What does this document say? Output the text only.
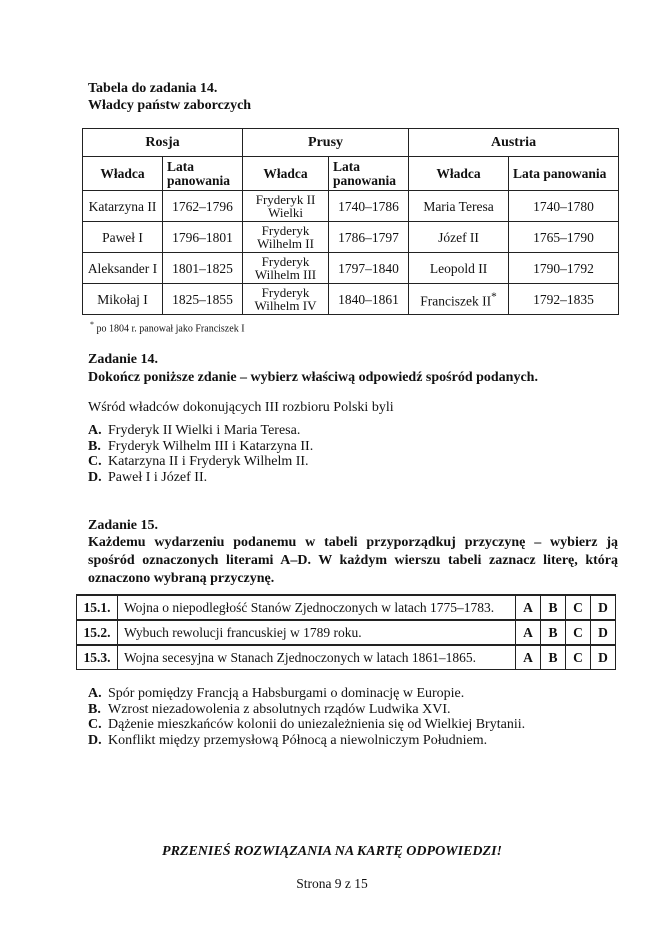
Tabela do zadania 14.
Władcy państw zaborczych
Rosja		Prusy		Austria	
Władca	Lata panowania	Władca	Lata panowania	Władca	Lata panowania
Katarzyna II	1762–1796	Fryderyk II Wielki	1740–1786	Maria Teresa	1740–1780
Paweł I	1796–1801	Fryderyk Wilhelm II	1786–1797	Józef II	1765–1790
Aleksander I	1801–1825	Fryderyk Wilhelm III	1797–1840	Leopold II	1790–1792
Mikołaj I	1825–1855	Fryderyk Wilhelm IV	1840–1861	Franciszek II*	1792–1835
* po 1804 r. panował jako Franciszek I
Zadanie 14.
Dokończ poniższe zdanie – wybierz właściwą odpowiedź spośród podanych.
Wśród władców dokonujących III rozbioru Polski byli
A. Fryderyk II Wielki i Maria Teresa.
B. Fryderyk Wilhelm III i Katarzyna II.
C. Katarzyna II i Fryderyk Wilhelm II.
D. Paweł I i Józef II.
Zadanie 15.
Każdemu wydarzeniu podanemu w tabeli przyporządkuj przyczynę – wybierz ją spośród oznaczonych literami A–D. W każdym wierszu tabeli zaznacz literę, którą oznaczono wybraną przyczynę.
15.1.	Wojna o niepodległość Stanów Zjednoczonych w latach 1775–1783.	A	B	C	D
15.2.	Wybuch rewolucji francuskiej w 1789 roku.	A	B	C	D
15.3.	Wojna secesyjna w Stanach Zjednoczonych w latach 1861–1865.	A	B	C	D
A. Spór pomiędzy Francją a Habsburgami o dominację w Europie.
B. Wzrost niezadowolenia z absolutnych rządów Ludwika XVI.
C. Dążenie mieszkańców kolonii do uniezależnienia się od Wielkiej Brytanii.
D. Konflikt między przemysłową Północą a niewolniczym Południem.
PRZENIEŚ ROZWIĄZANIA NA KARTĘ ODPOWIEDZI!
Strona 9 z 15
